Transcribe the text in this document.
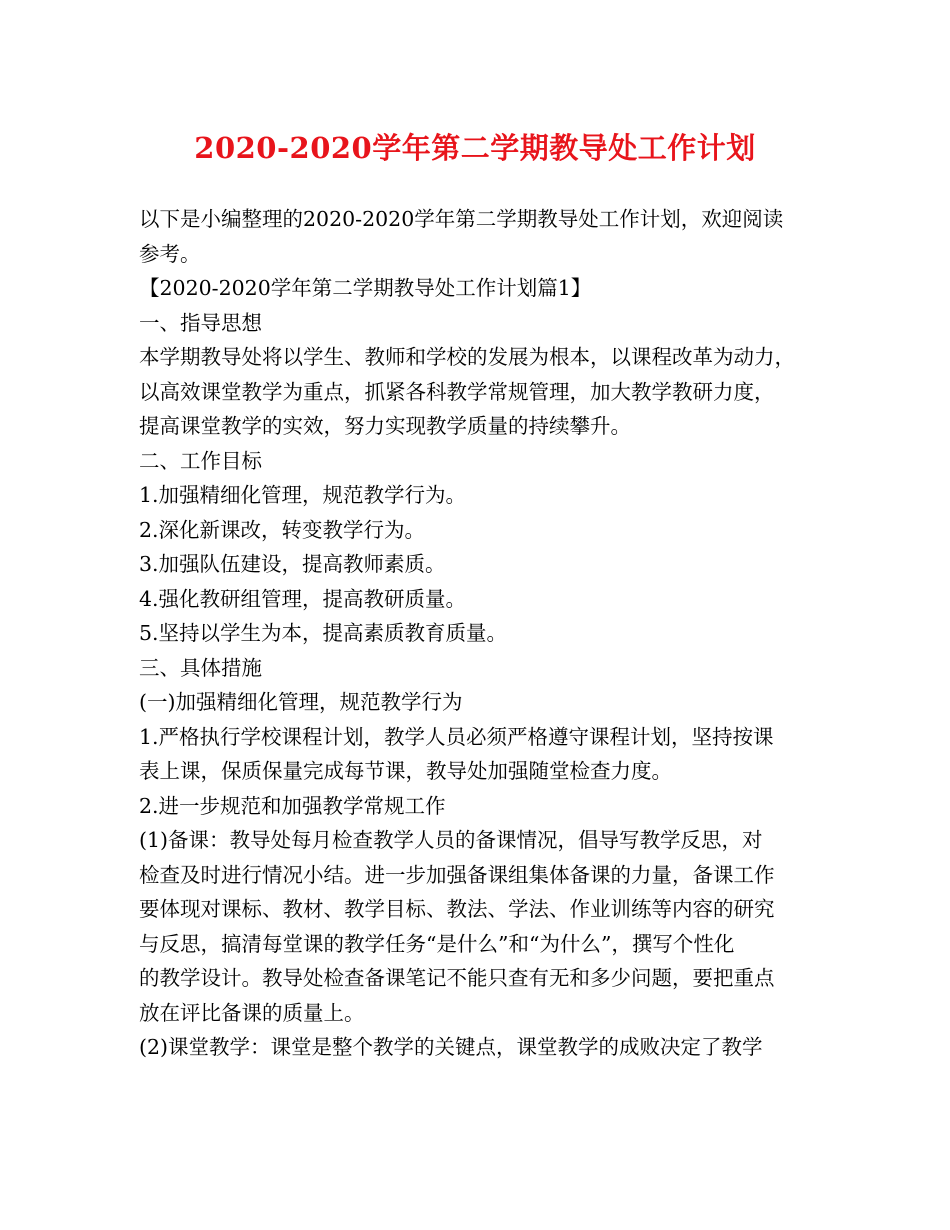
2020-2020学年第二学期教导处工作计划
以下是小编整理的2020-2020学年第二学期教导处工作计划，欢迎阅读
参考。
【2020-2020学年第二学期教导处工作计划篇1】
一、指导思想
本学期教导处将以学生、教师和学校的发展为根本，以课程改革为动力，
以高效课堂教学为重点，抓紧各科教学常规管理，加大教学教研力度，
提高课堂教学的实效，努力实现教学质量的持续攀升。
二、工作目标
1.加强精细化管理，规范教学行为。
2.深化新课改，转变教学行为。
3.加强队伍建设，提高教师素质。
4.强化教研组管理，提高教研质量。
5.坚持以学生为本，提高素质教育质量。
三、具体措施
(一)加强精细化管理，规范教学行为
1.严格执行学校课程计划，教学人员必须严格遵守课程计划，坚持按课
表上课，保质保量完成每节课，教导处加强随堂检查力度。
2.进一步规范和加强教学常规工作
(1)备课：教导处每月检查教学人员的备课情况，倡导写教学反思，对
检查及时进行情况小结。进一步加强备课组集体备课的力量，备课工作
要体现对课标、教材、教学目标、教法、学法、作业训练等内容的研究
与反思，搞清每堂课的教学任务“是什么”和“为什么”，撰写个性化
的教学设计。教导处检查备课笔记不能只查有无和多少问题，要把重点
放在评比备课的质量上。
(2)课堂教学：课堂是整个教学的关键点，课堂教学的成败决定了教学
